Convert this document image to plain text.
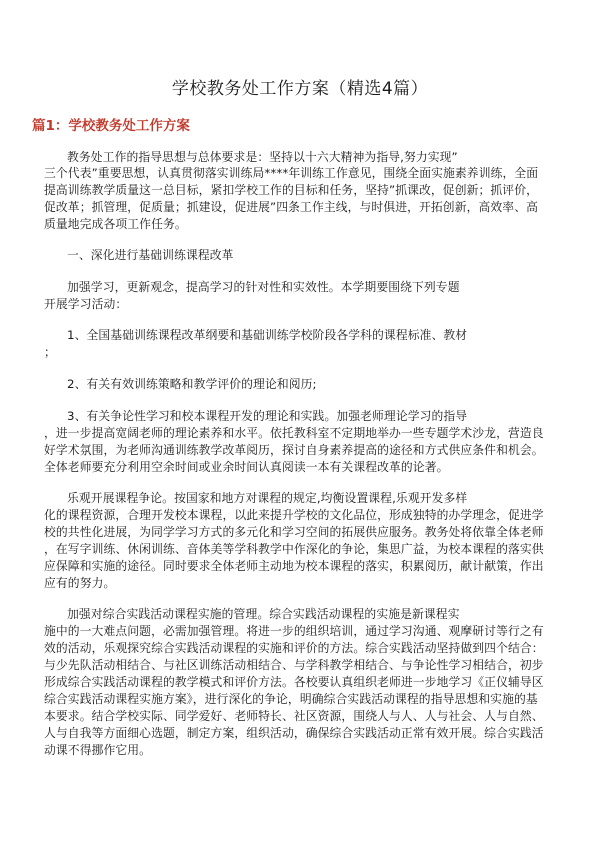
学校教务处工作方案（精选4篇）
篇1：学校教务处工作方案
教务处工作的指导思想与总体要求是：坚持以十六大精神为指导,努力实现”
三个代表”重要思想，认真贯彻落实训练局****年训练工作意见，围绕全面实施素养训练，全面
提高训练教学质量这一总目标，紧扣学校工作的目标和任务，坚持”抓课改，促创新；抓评价，
促改革；抓管理，促质量；抓建设，促进展”四条工作主线，与时俱进，开拓创新，高效率、高
质量地完成各项工作任务。
一、深化进行基础训练课程改革
加强学习，更新观念，提高学习的针对性和实效性。本学期要围绕下列专题
开展学习活动：
1、全国基础训练课程改革纲要和基础训练学校阶段各学科的课程标准、教材
；
2、有关有效训练策略和教学评价的理论和阅历;
3、有关争论性学习和校本课程开发的理论和实践。加强老师理论学习的指导
，进一步提高宽阔老师的理论素养和水平。依托教科室不定期地举办一些专题学术沙龙，营造良
好学术氛围，为老师沟通训练教学改革阅历，探讨自身素养提高的途径和方式供应条件和机会。
全体老师要充分利用空余时间或业余时间认真阅读一本有关课程改革的论著。
乐观开展课程争论。按国家和地方对课程的规定,均衡设置课程,乐观开发多样
化的课程资源，合理开发校本课程，以此来提升学校的文化品位，形成独特的办学理念，促进学
校的共性化进展，为同学学习方式的多元化和学习空间的拓展供应服务。教务处将依靠全体老师
，在写字训练、休闲训练、音体美等学科教学中作深化的争论，集思广益，为校本课程的落实供
应保障和实施的途径。同时要求全体老师主动地为校本课程的落实，积累阅历，献计献策，作出
应有的努力。
加强对综合实践活动课程实施的管理。综合实践活动课程的实施是新课程实
施中的一大难点问题，必需加强管理。将进一步的组织培训，通过学习沟通、观摩研讨等行之有
效的活动，乐观探究综合实践活动课程的实施和评价的方法。综合实践活动坚持做到四个结合：
与少先队活动相结合、与社区训练活动相结合、与学科教学相结合、与争论性学习相结合，初步
形成综合实践活动课程的教学模式和评价方法。各校要认真组织老师进一步地学习《正仪辅导区
综合实践活动课程实施方案》，进行深化的争论，明确综合实践活动课程的指导思想和实施的基
本要求。结合学校实际、同学爱好、老师特长、社区资源，围绕人与人、人与社会、人与自然、
人与自我等方面细心选题，制定方案，组织活动，确保综合实践活动正常有效开展。综合实践活
动课不得挪作它用。
